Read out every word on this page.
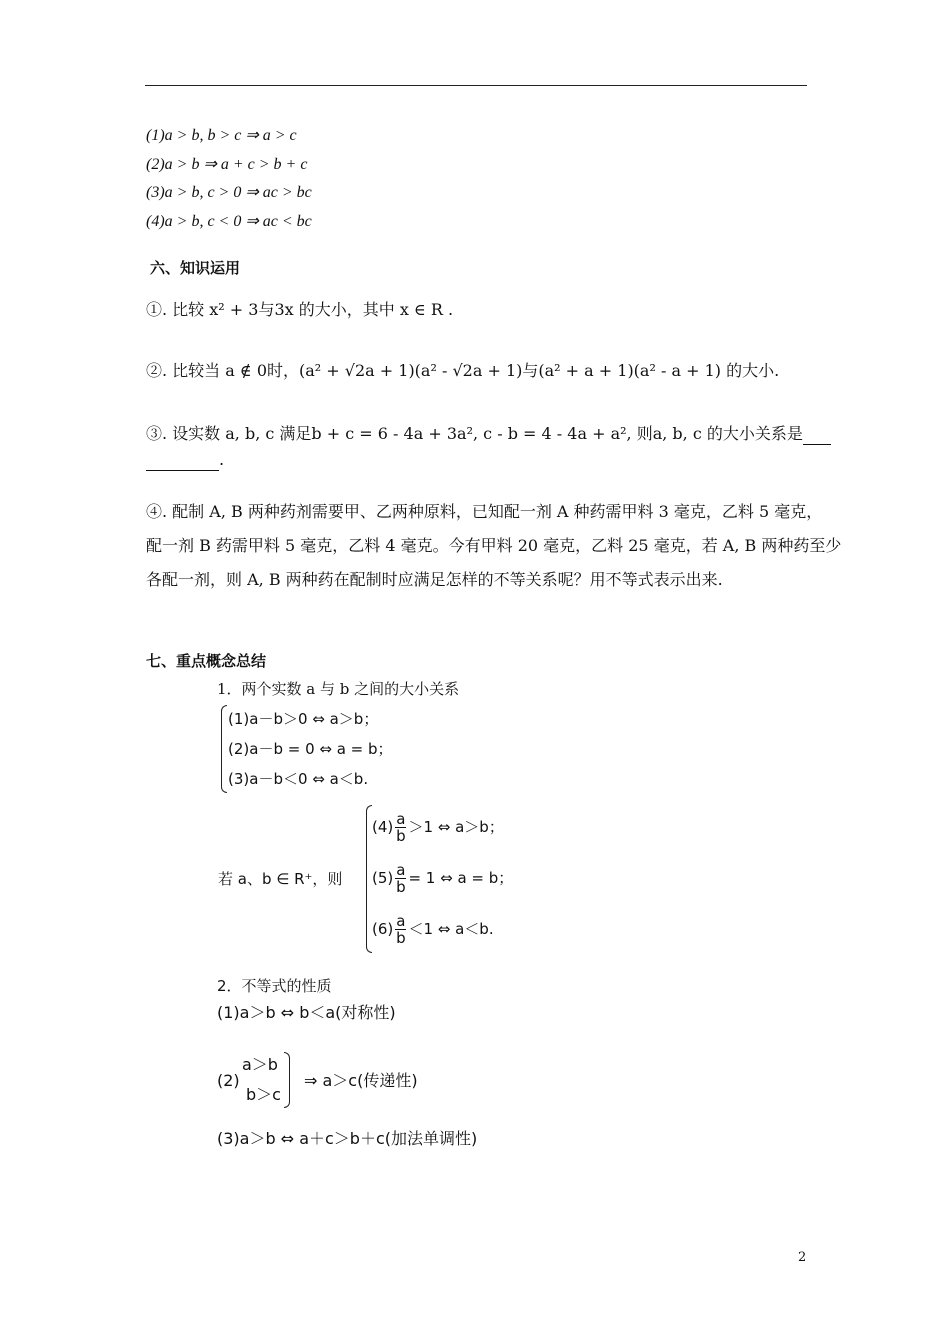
(1)a > b, b > c ⇒ a > c
(2)a > b ⇒ a + c > b + c
(3)a > b, c > 0 ⇒ ac > bc
(4)a > b, c < 0 ⇒ ac < bc
六、知识运用
①. 比较 x² + 3与3x 的大小，其中 x ∈ R .
②. 比较当 a ∉ 0时，(a² + √2a + 1)(a² - √2a + 1)与(a² + a + 1)(a² - a + 1) 的大小.
③. 设实数 a, b, c 满足b + c = 6 - 4a + 3a², c - b = 4 - 4a + a², 则a, b, c 的大小关系是
.
④. 配制 A, B 两种药剂需要甲、乙两种原料，已知配一剂 A 种药需甲料 3 毫克，乙料 5 毫克，
配一剂 B 药需甲料 5 毫克，乙料 4 毫克。今有甲料 20 毫克，乙料 25 毫克，若 A, B 两种药至少
各配一剂，则 A, B 两种药在配制时应满足怎样的不等关系呢？用不等式表示出来.
七、重点概念总结
1．两个实数 a 与 b 之间的大小关系
(1)a－b＞0 ⇔ a＞b；
(2)a－b = 0 ⇔ a = b；
(3)a－b＜0 ⇔ a＜b.
若 a、b ∈ R⁺，则
$(4) \frac{a}{b} >1$ ⇔ a＞b；
$(5) \frac{a}{b} = 1$ ⇔ a = b；
$(6) \frac{a}{b} <1$ ⇔ a＜b.
2．不等式的性质
(1)a＞b ⇔ b＜a(对称性)
(2)
a＞b
b＞c
⇒ a＞c(传递性)
(3)a＞b ⇔ a＋c＞b＋c(加法单调性)
2
